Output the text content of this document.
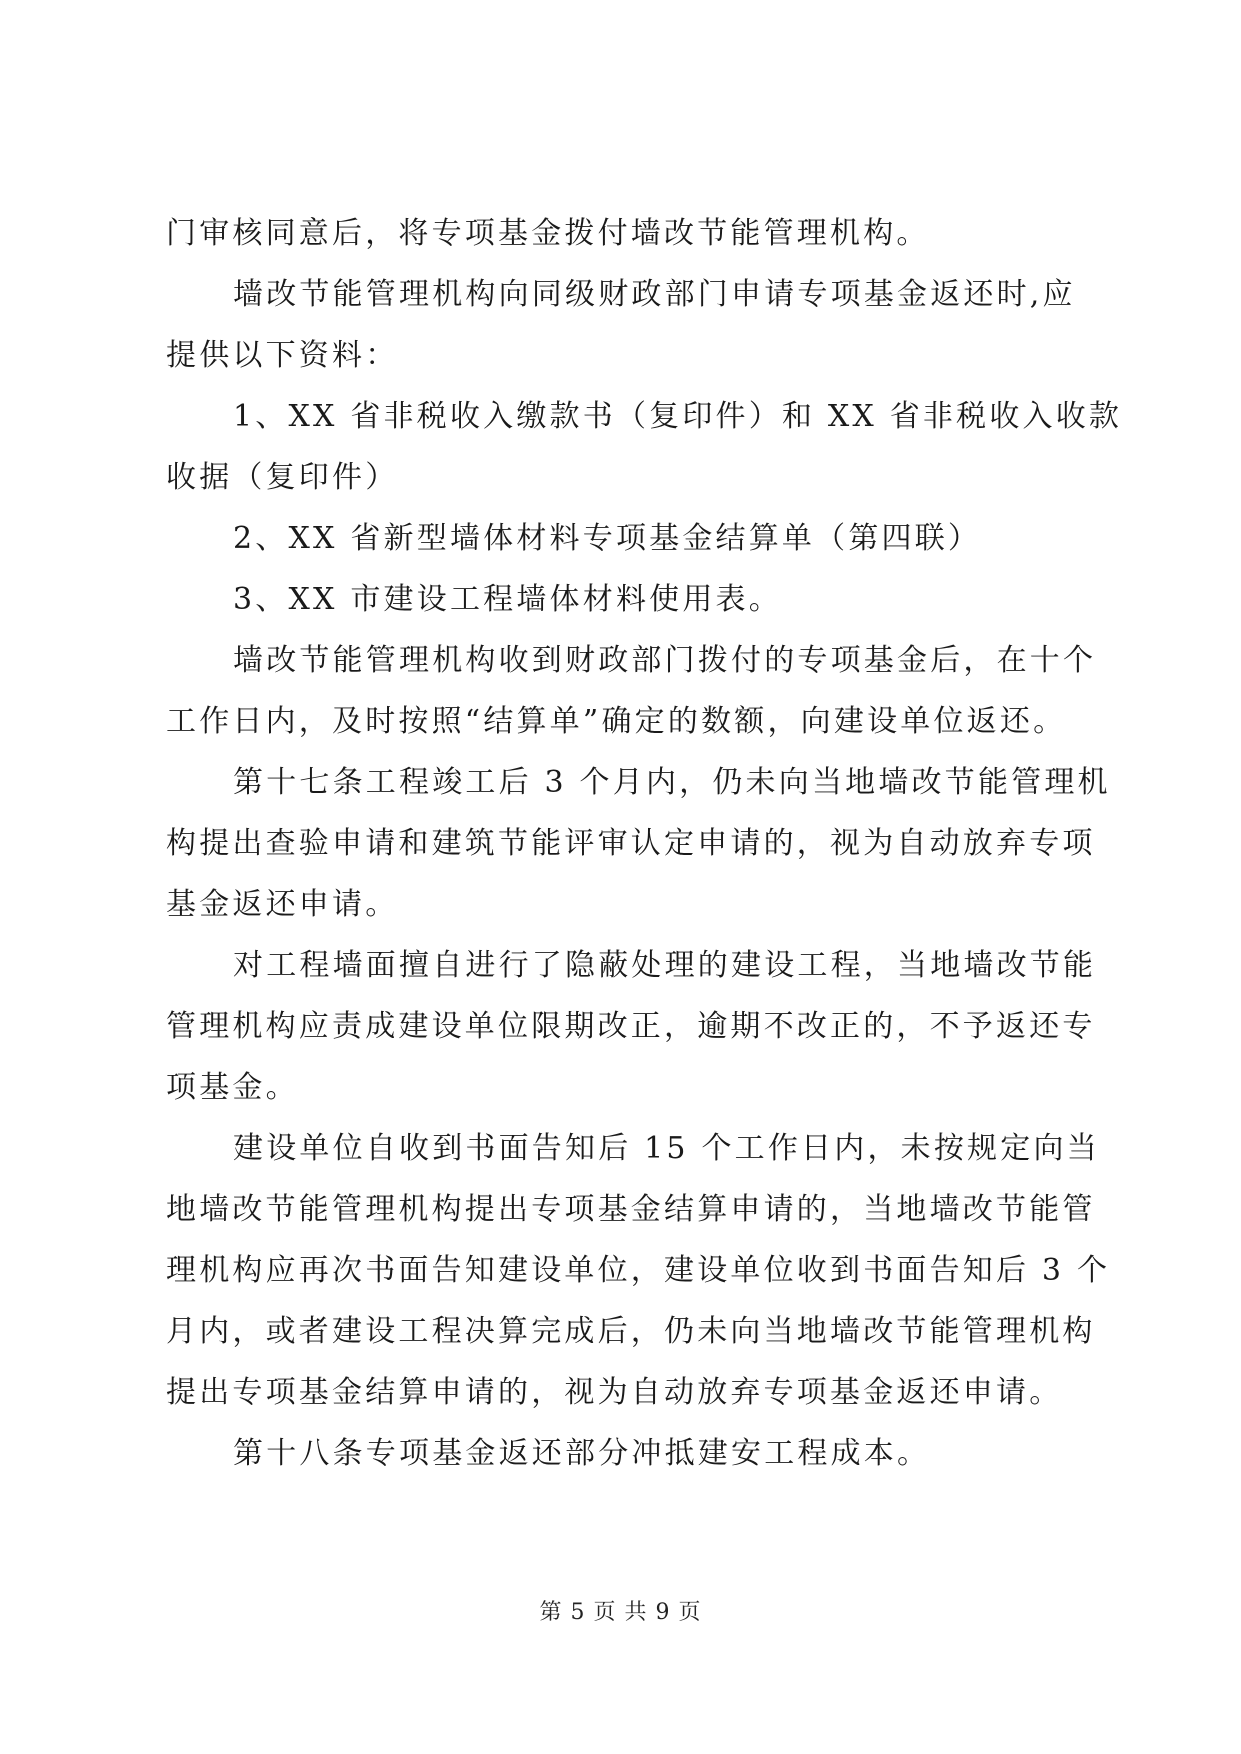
门审核同意后，将专项基金拨付墙改节能管理机构。
墙改节能管理机构向同级财政部门申请专项基金返还时,应
提供以下资料：
1、XX 省非税收入缴款书（复印件）和 XX 省非税收入收款
收据（复印件）
2、XX 省新型墙体材料专项基金结算单（第四联）
3、XX 市建设工程墙体材料使用表。
墙改节能管理机构收到财政部门拨付的专项基金后，在十个
工作日内，及时按照“结算单”确定的数额，向建设单位返还。
第十七条工程竣工后 3 个月内，仍未向当地墙改节能管理机
构提出查验申请和建筑节能评审认定申请的，视为自动放弃专项
基金返还申请。
对工程墙面擅自进行了隐蔽处理的建设工程，当地墙改节能
管理机构应责成建设单位限期改正，逾期不改正的，不予返还专
项基金。
建设单位自收到书面告知后 15 个工作日内，未按规定向当
地墙改节能管理机构提出专项基金结算申请的，当地墙改节能管
理机构应再次书面告知建设单位，建设单位收到书面告知后 3 个
月内，或者建设工程决算完成后，仍未向当地墙改节能管理机构
提出专项基金结算申请的，视为自动放弃专项基金返还申请。
第十八条专项基金返还部分冲抵建安工程成本。
第 5 页 共 9 页
